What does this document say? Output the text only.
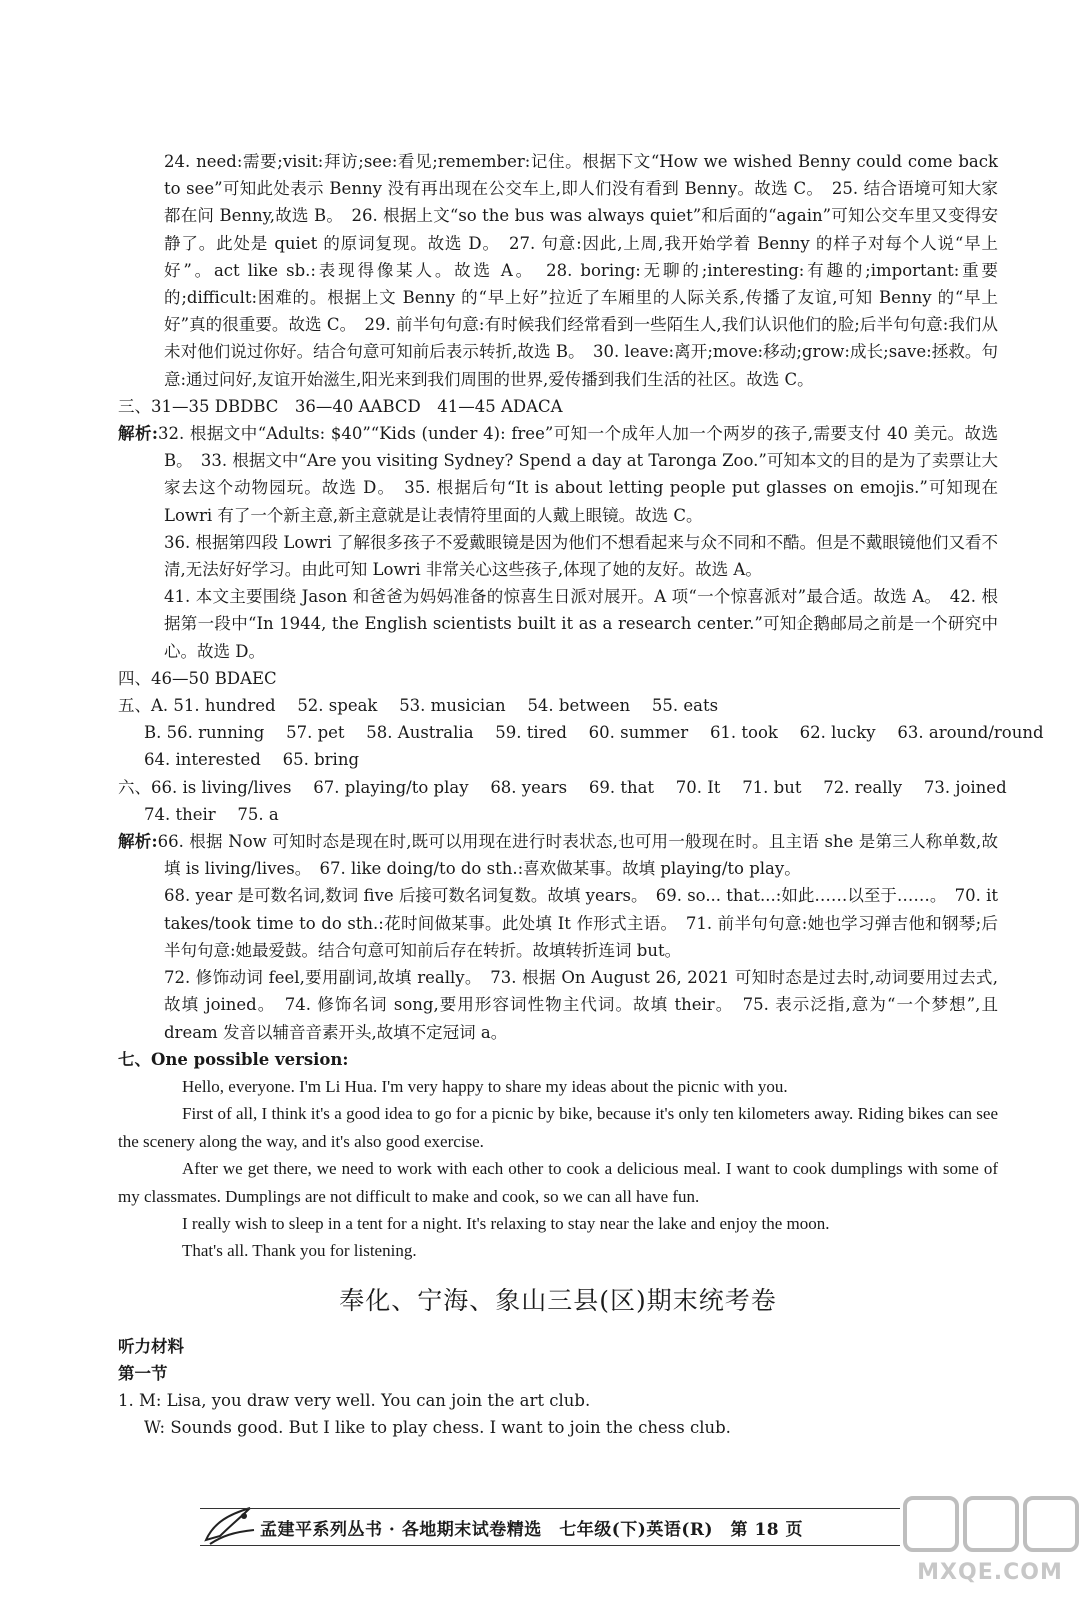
24. need:需要;visit:拜访;see:看见;remember:记住。根据下文“How we wished Benny could come back to see”可知此处表示 Benny 没有再出现在公交车上,即人们没有看到 Benny。故选 C。　25. 结合语境可知大家都在问 Benny,故选 B。　26. 根据上文“so the bus was always quiet”和后面的“again”可知公交车里又变得安静了。此处是 quiet 的原词复现。故选 D。　27. 句意:因此,上周,我开始学着 Benny 的样子对每个人说“早上好”。act like sb.:表现得像某人。故选 A。　28. boring:无聊的;interesting:有趣的;important:重要的;difficult:困难的。根据上文 Benny 的“早上好”拉近了车厢里的人际关系,传播了友谊,可知 Benny 的“早上好”真的很重要。故选 C。　29. 前半句句意:有时候我们经常看到一些陌生人,我们认识他们的脸;后半句句意:我们从未对他们说过你好。结合句意可知前后表示转折,故选 B。　30. leave:离开;move:移动;grow:成长;save:拯救。句意:通过问好,友谊开始滋生,阳光来到我们周围的世界,爱传播到我们生活的社区。故选 C。

三、31—35 DBDBC　36—40 AABCD　41—45 ADACA

解析:32. 根据文中“Adults: $40”“Kids (under 4): free”可知一个成年人加一个两岁的孩子,需要支付 40 美元。故选 B。　33. 根据文中“Are you visiting Sydney? Spend a day at Taronga Zoo.”可知本文的目的是为了卖票让大家去这个动物园玩。故选 D。　35. 根据后句“It is about letting people put glasses on emojis.”可知现在 Lowri 有了一个新主意,新主意就是让表情符里面的人戴上眼镜。故选 C。

36. 根据第四段 Lowri 了解很多孩子不爱戴眼镜是因为他们不想看起来与众不同和不酷。但是不戴眼镜他们又看不清,无法好好学习。由此可知 Lowri 非常关心这些孩子,体现了她的友好。故选 A。

41. 本文主要围绕 Jason 和爸爸为妈妈准备的惊喜生日派对展开。A 项“一个惊喜派对”最合适。故选 A。　42. 根据第一段中“In 1944, the English scientists built it as a research center.”可知企鹅邮局之前是一个研究中心。故选 D。

四、46—50 BDAEC

五、A. 51. hundred　 52. speak　 53. musician　 54. between　 55. eats

B. 56. running  57. pet  58. Australia  59. tired  60. summer  61. took  62. lucky  63. around/round

64. interested　 65. bring

六、66. is living/lives  67. playing/to play  68. years  69. that  70. It  71. but  72. really  73. joined

74. their　 75. a

解析:66. 根据 Now 可知时态是现在时,既可以用现在进行时表状态,也可用一般现在时。且主语 she 是第三人称单数,故填 is living/lives。　67. like doing/to do sth.:喜欢做某事。故填 playing/to play。

68. year 是可数名词,数词 five 后接可数名词复数。故填 years。　69. so... that...:如此……以至于……。　70. it takes/took time to do sth.:花时间做某事。此处填 It 作形式主语。　71. 前半句句意:她也学习弹吉他和钢琴;后半句句意:她最爱鼓。结合句意可知前后存在转折。故填转折连词 but。

72. 修饰动词 feel,要用副词,故填 really。　73. 根据 On August 26, 2021 可知时态是过去时,动词要用过去式,故填 joined。　74. 修饰名词 song,要用形容词性物主代词。故填 their。　75. 表示泛指,意为“一个梦想”,且 dream 发音以辅音音素开头,故填不定冠词 a。

七、One possible version:

Hello, everyone. I'm Li Hua. I'm very happy to share my ideas about the picnic with you.

First of all, I think it's a good idea to go for a picnic by bike, because it's only ten kilometers away. Riding bikes can see the scenery along the way, and it's also good exercise.

After we get there, we need to work with each other to cook a delicious meal. I want to cook dumplings with some of my classmates. Dumplings are not difficult to make and cook, so we can all have fun.

I really wish to sleep in a tent for a night. It's relaxing to stay near the lake and enjoy the moon.

That's all. Thank you for listening.

奉化、宁海、象山三县(区)期末统考卷

听力材料

第一节

1. M: Lisa, you draw very well. You can join the art club.

W: Sounds good. But I like to play chess. I want to join the chess club.

孟建平系列丛书 · 各地期末试卷精选　七年级(下)英语(R)　第 18 页
MXQE.COM
